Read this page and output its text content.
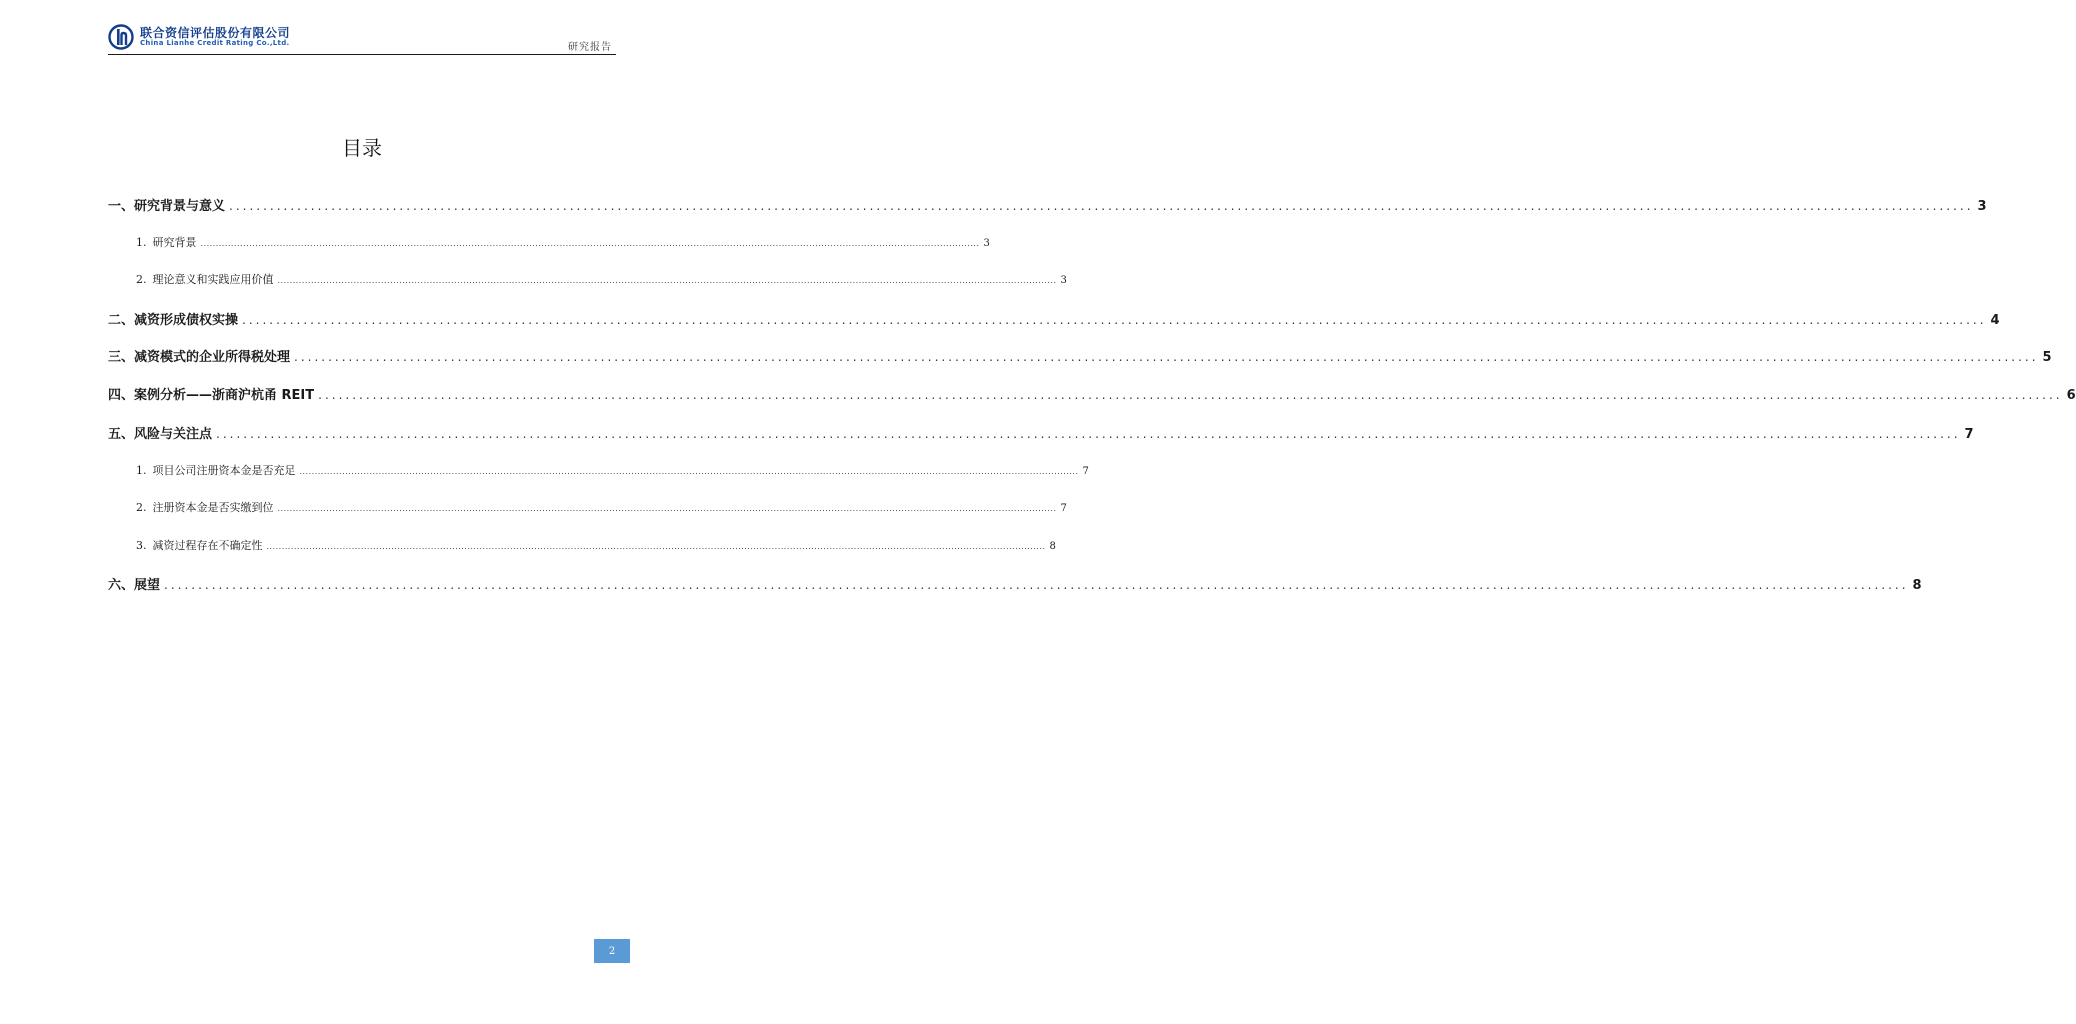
联合资信评估股份有限公司
China Lianhe Credit Rating Co.,Ltd.	研究报告
目录
一、研究背景与意义 ................................................................................................................................................................................................................................................................ 3
1. 研究背景 ................................................................................................................................................................................................................................................................ 3
2. 理论意义和实践应用价值 ................................................................................................................................................................................................................................................................ 3
二、减资形成债权实操 ................................................................................................................................................................................................................................................................ 4
三、减资模式的企业所得税处理 ................................................................................................................................................................................................................................................................ 5
四、案例分析——浙商沪杭甬 REIT ................................................................................................................................................................................................................................................................ 6
五、风险与关注点 ................................................................................................................................................................................................................................................................ 7
1. 项目公司注册资本金是否充足 ................................................................................................................................................................................................................................................................ 7
2. 注册资本金是否实缴到位 ................................................................................................................................................................................................................................................................ 7
3. 减资过程存在不确定性 ................................................................................................................................................................................................................................................................ 8
六、展望 ................................................................................................................................................................................................................................................................ 8
2
